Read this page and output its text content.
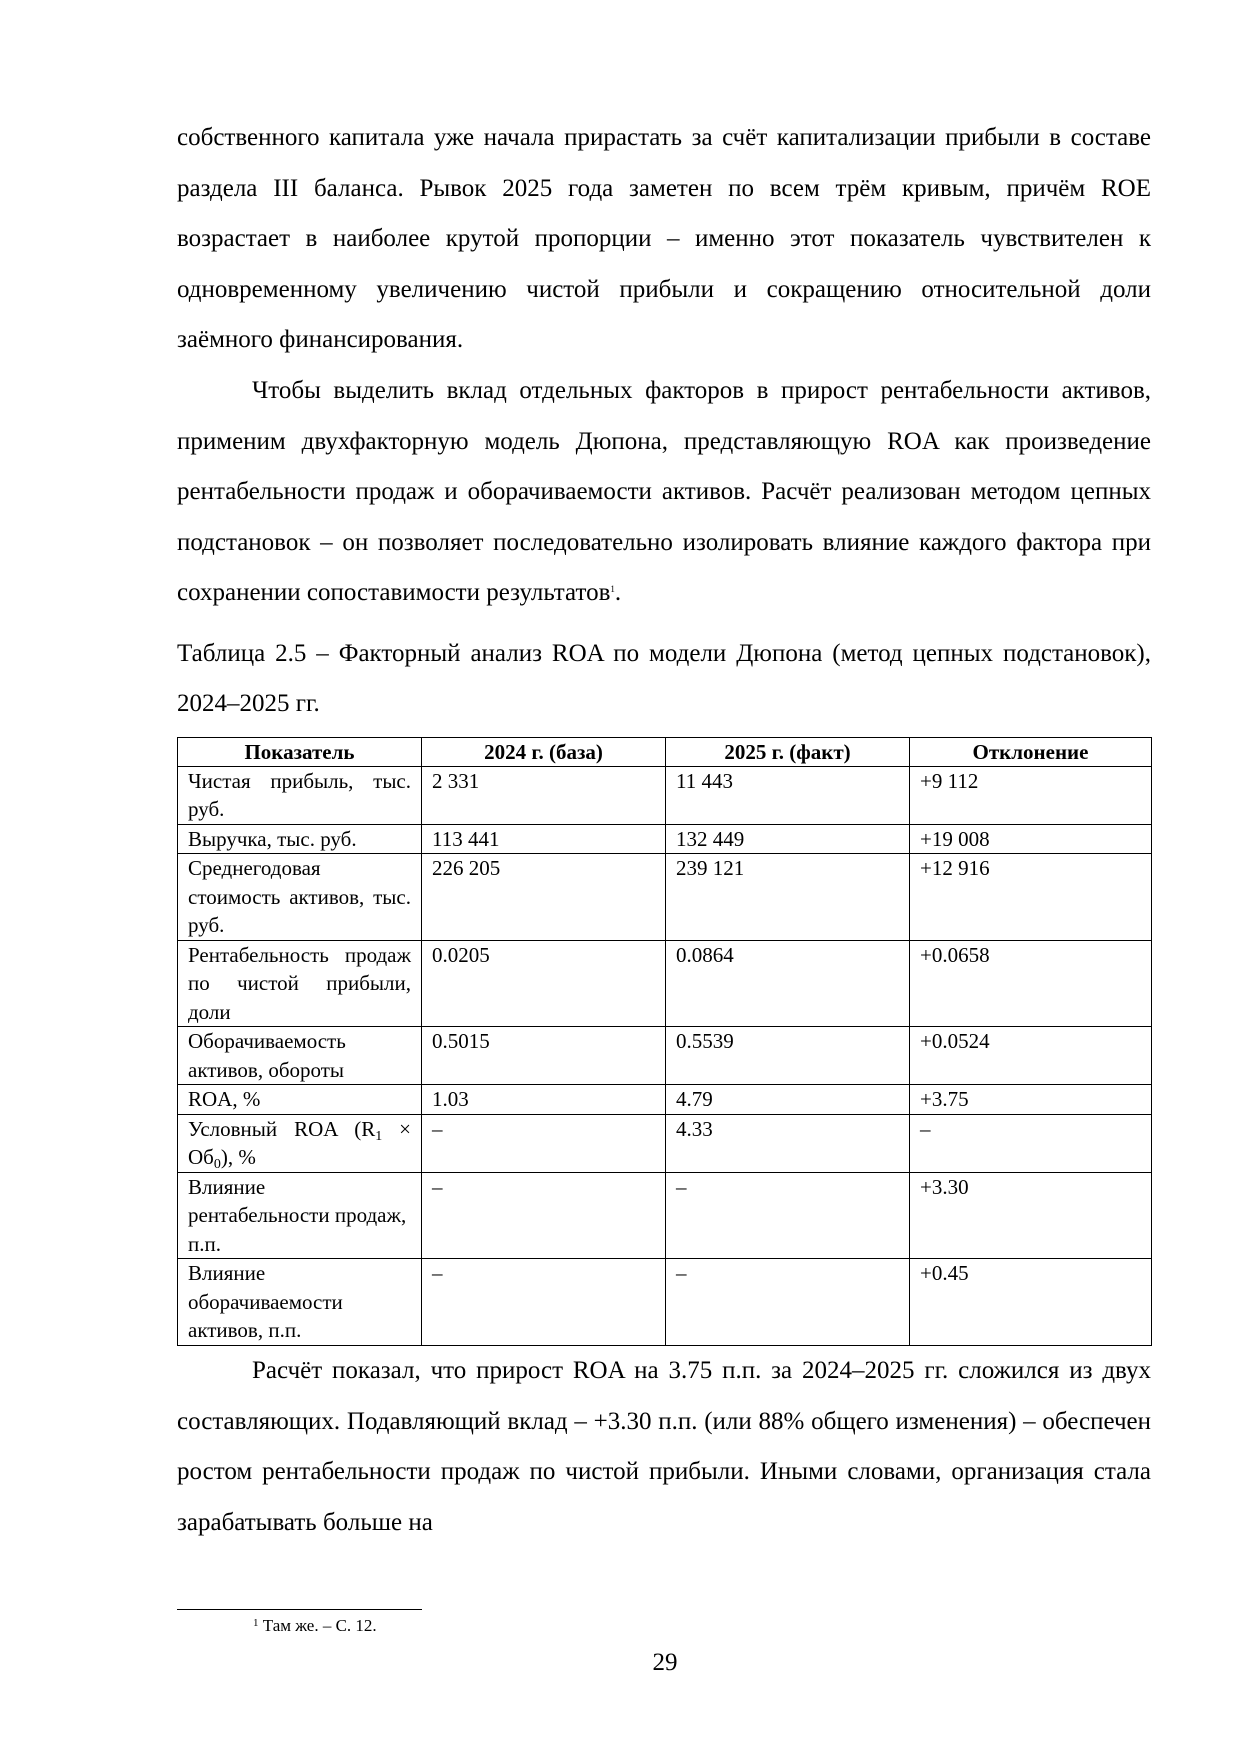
собственного капитала уже начала прирастать за счёт капитализации прибыли в составе раздела III баланса. Рывок 2025 года заметен по всем трём кривым, причём ROE возрастает в наиболее крутой пропорции – именно этот показатель чувствителен к одновременному увеличению чистой прибыли и сокращению относительной доли заёмного финансирования.

Чтобы выделить вклад отдельных факторов в прирост рентабельности активов, применим двухфакторную модель Дюпона, представляющую ROA как произведение рентабельности продаж и оборачиваемости активов. Расчёт реализован методом цепных подстановок – он позволяет последовательно изолировать влияние каждого фактора при сохранении сопоставимости результатов$^1$.

Таблица 2.5 – Факторный анализ ROA по модели Дюпона (метод цепных подстановок), 2024–2025 гг.

Показатель	2024 г. (база)	2025 г. (факт)	Отклонение
Чистая прибыль, тыс. руб.	2 331	11 443	+9 112
Выручка, тыс. руб.	113 441	132 449	+19 008
Среднегодовая стоимость активов, тыс. руб.	226 205	239 121	+12 916
Рентабельность продаж по чистой прибыли, доли	0.0205	0.0864	+0.0658
Оборачиваемость активов, обороты	0.5015	0.5539	+0.0524
ROA, %	1.03	4.79	+3.75
Условный ROA $(R_1 \times Об_0)$, %	–	4.33	–
Влияние рентабельности продаж, п.п.	–	–	+3.30
Влияние оборачиваемости активов, п.п.	–	–	+0.45

Расчёт показал, что прирост ROA на 3.75 п.п. за 2024–2025 гг. сложился из двух составляющих. Подавляющий вклад – +3.30 п.п. (или 88% общего изменения) – обеспечен ростом рентабельности продаж по чистой прибыли. Иными словами, организация стала зарабатывать больше на

$^1$ Там же. – С. 12.
29
